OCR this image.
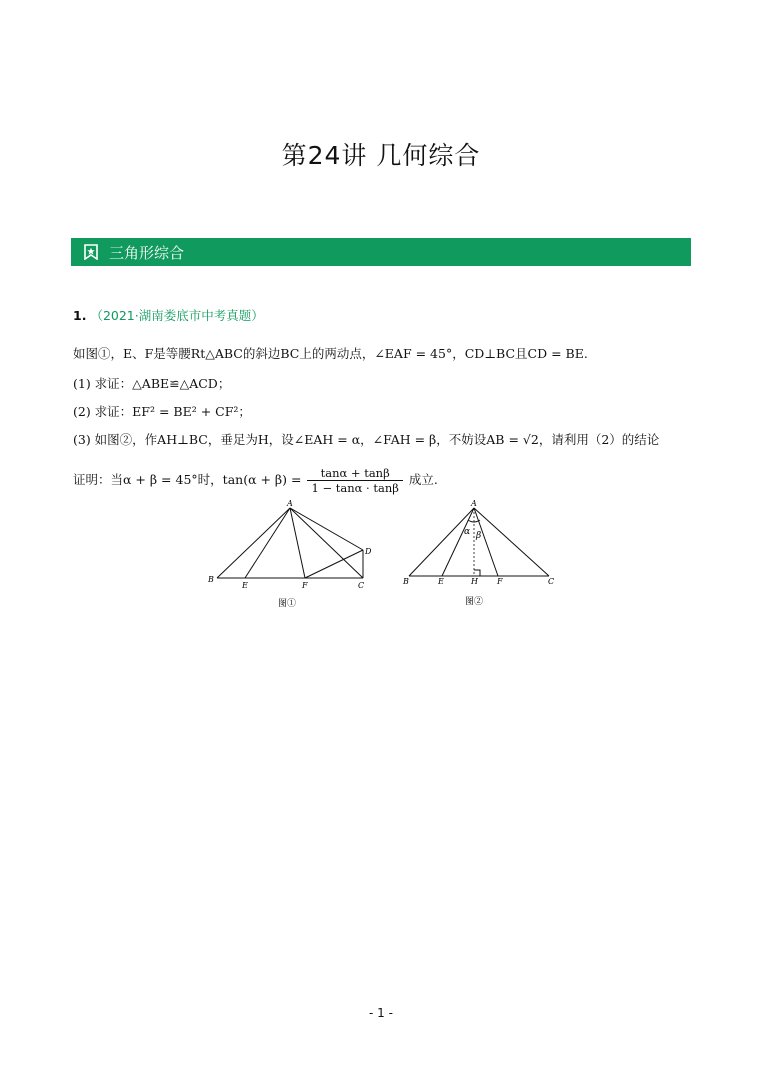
第24讲 几何综合
三角形综合
1. （2021·湖南娄底市中考真题）
如图①，E、F是等腰Rt△ABC的斜边BC上的两动点，∠EAF = 45°，CD⊥BC且CD = BE.
(1) 求证：△ABE≌△ACD；
(2) 求证：EF² = BE² + CF²；
(3) 如图②，作AH⊥BC，垂足为H，设∠EAH = α，∠FAH = β，不妨设AB = √2，请利用（2）的结论
证明：当α + β = 45°时，$\tan(\alpha + \beta) = \frac{\tan\alpha + \tan\beta}{1 - \tan\alpha \cdot \tan\beta}$ 成立.
A
B
C
D
E	F
图①
A
B	C
E	F
H
α β
图②
- 1 -
